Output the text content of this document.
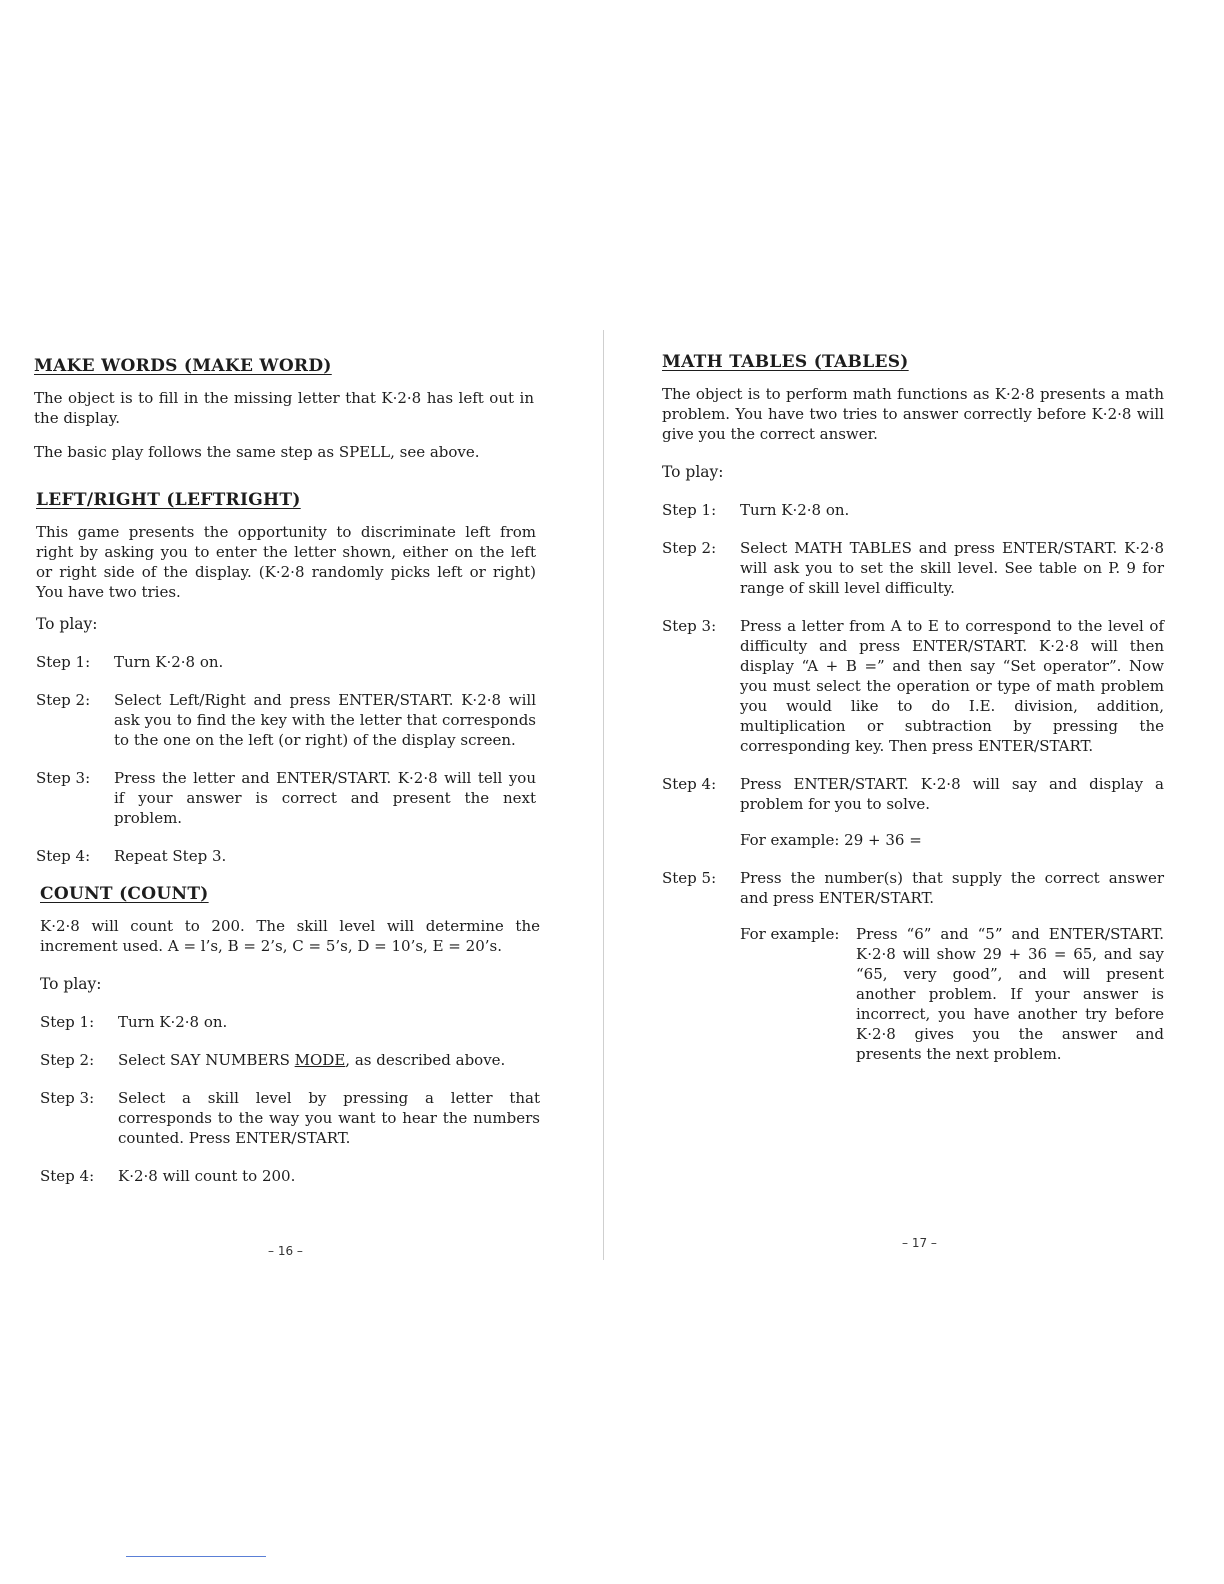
MAKE WORDS (MAKE WORD)

The object is to fill in the missing letter that K·2·8 has left out in the display.

The basic play follows the same step as SPELL, see above.

LEFT/RIGHT (LEFTRIGHT)

This game presents the opportunity to discriminate left from right by asking you to enter the letter shown, either on the left or right side of the display. (K·2·8 randomly picks left or right) You have two tries.

To play:

Step 1:	Turn K·2·8 on.
Step 2:	Select Left/Right and press ENTER/START. K·2·8 will ask you to find the key with the letter that corresponds to the one on the left (or right) of the display screen.
Step 3:	Press the letter and ENTER/START. K·2·8 will tell you if your answer is correct and present the next problem.
Step 4:	Repeat Step 3.
COUNT (COUNT)

K·2·8 will count to 200. The skill level will determine the increment used. A = l’s, B = 2’s, C = 5’s, D = 10’s, E = 20’s.

To play:

Step 1:	Turn K·2·8 on.
Step 2:	Select SAY NUMBERS MODE, as described above.
Step 3:	Select a skill level by pressing a letter that corresponds to the way you want to hear the numbers counted. Press ENTER/START.
Step 4:	K·2·8 will count to 200.
– 16 –
MATH TABLES (TABLES)

The object is to perform math functions as K·2·8 presents a math problem. You have two tries to answer correctly before K·2·8 will give you the correct answer.

To play:

Step 1:	Turn K·2·8 on.
Step 2:	Select MATH TABLES and press ENTER/START. K·2·8 will ask you to set the skill level. See table on P. 9 for range of skill level difficulty.
Step 3:	Press a letter from A to E to correspond to the level of difficulty and press ENTER/START. K·2·8 will then display “A + B =” and then say “Set operator”. Now you must select the operation or type of math problem you would like to do I.E. division, addition, multiplication or subtraction by pressing the corresponding key. Then press ENTER/START.
Step 4:	Press ENTER/START. K·2·8 will say and display a problem for you to solve.
For example: 29 + 36 =
Step 5:	Press the number(s) that supply the correct answer and press ENTER/START.
For example:	Press “6” and “5” and ENTER/START. K·2·8 will show 29 + 36 = 65, and say “65, very good”, and will present another problem. If your answer is incorrect, you have another try before K·2·8 gives you the answer and presents the next problem.
– 17 –
